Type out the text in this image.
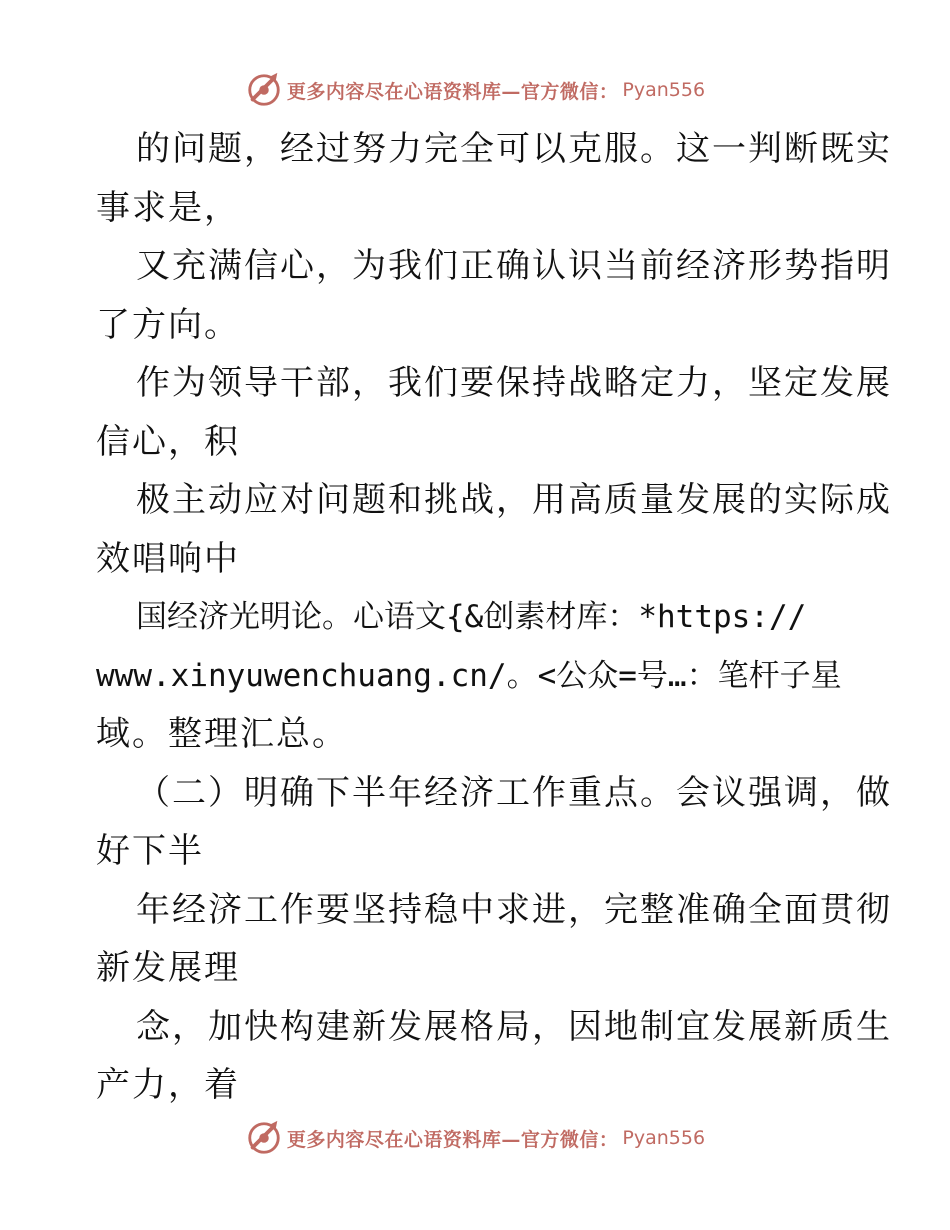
更多内容尽在心语资料库—官方微信： Pyan556
的问题，经过努力完全可以克服。这一判断既实
事求是，
又充满信心，为我们正确认识当前经济形势指明
了方向。
作为领导干部，我们要保持战略定力，坚定发展
信心，积
极主动应对问题和挑战，用高质量发展的实际成
效唱响中
国经济光明论。心语文{&创素材库：*https://
www.xinyuwenchuang.cn/。<公众=号…：笔杆子星
域。整理汇总。
（二）明确下半年经济工作重点。会议强调，做
好下半
年经济工作要坚持稳中求进，完整准确全面贯彻
新发展理
念，加快构建新发展格局，因地制宜发展新质生
产力，着
更多内容尽在心语资料库—官方微信： Pyan556
